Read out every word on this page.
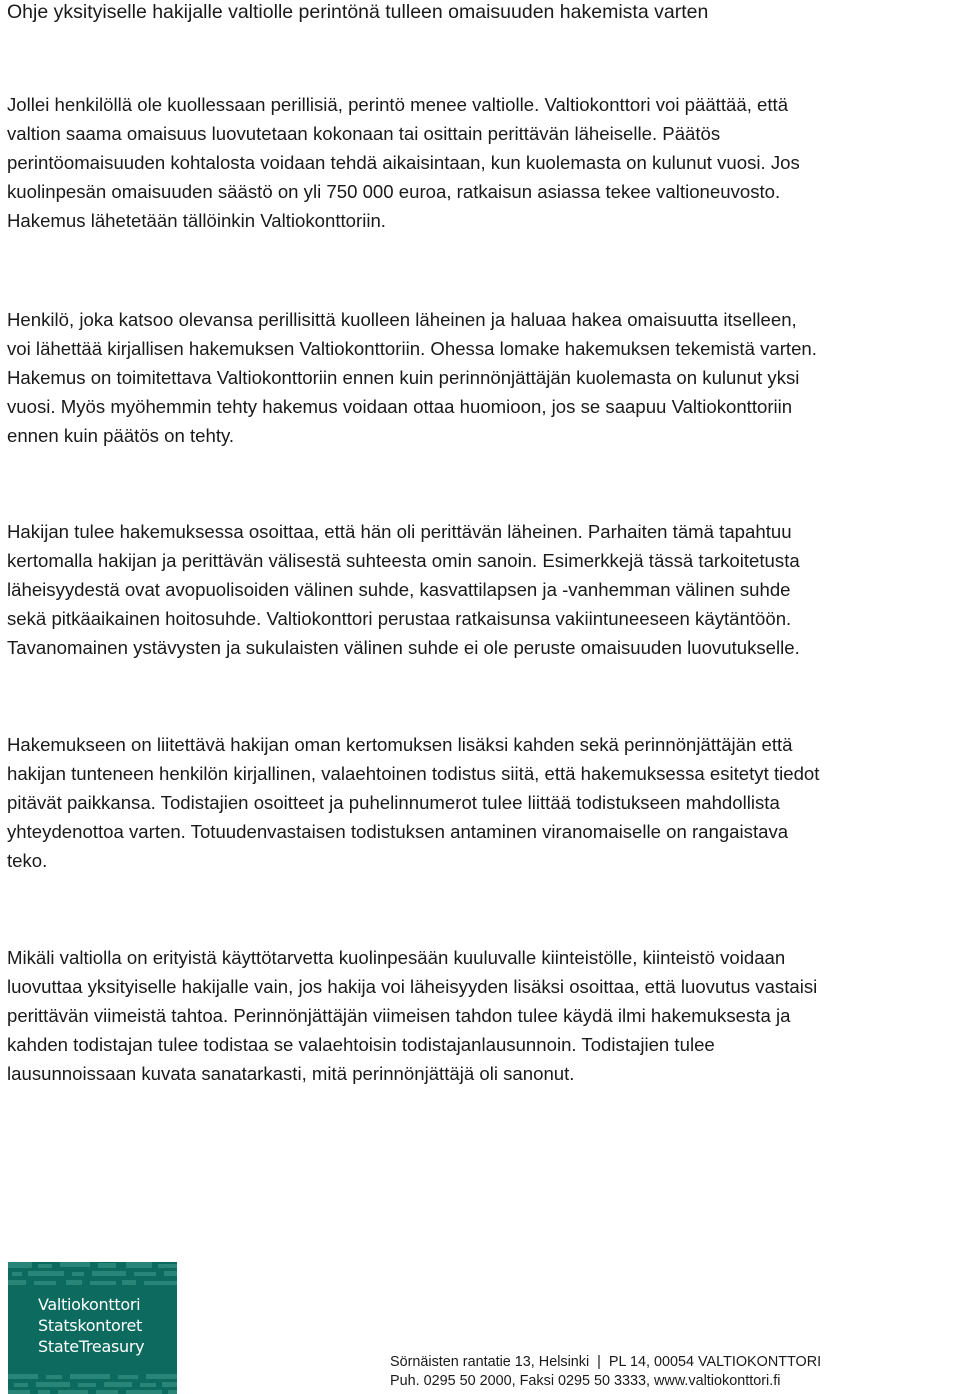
Ohje yksityiselle hakijalle valtiolle perintönä tulleen omaisuuden hakemista varten
Jollei henkilöllä ole kuollessaan perillisiä, perintö menee valtiolle. Valtiokonttori voi päättää, että
valtion saama omaisuus luovutetaan kokonaan tai osittain perittävän läheiselle. Päätös
perintöomaisuuden kohtalosta voidaan tehdä aikaisintaan, kun kuolemasta on kulunut vuosi. Jos
kuolinpesän omaisuuden säästö on yli 750 000 euroa, ratkaisun asiassa tekee valtioneuvosto.
Hakemus lähetetään tällöinkin Valtiokonttoriin.
Henkilö, joka katsoo olevansa perillisittä kuolleen läheinen ja haluaa hakea omaisuutta itselleen,
voi lähettää kirjallisen hakemuksen Valtiokonttoriin. Ohessa lomake hakemuksen tekemistä varten.
Hakemus on toimitettava Valtiokonttoriin ennen kuin perinnönjättäjän kuolemasta on kulunut yksi
vuosi. Myös myöhemmin tehty hakemus voidaan ottaa huomioon, jos se saapuu Valtiokonttoriin
ennen kuin päätös on tehty.
Hakijan tulee hakemuksessa osoittaa, että hän oli perittävän läheinen. Parhaiten tämä tapahtuu
kertomalla hakijan ja perittävän välisestä suhteesta omin sanoin. Esimerkkejä tässä tarkoitetusta
läheisyydestä ovat avopuolisoiden välinen suhde, kasvattilapsen ja -vanhemman välinen suhde
sekä pitkäaikainen hoitosuhde. Valtiokonttori perustaa ratkaisunsa vakiintuneeseen käytäntöön.
Tavanomainen ystävysten ja sukulaisten välinen suhde ei ole peruste omaisuuden luovutukselle.
Hakemukseen on liitettävä hakijan oman kertomuksen lisäksi kahden sekä perinnönjättäjän että
hakijan tunteneen henkilön kirjallinen, valaehtoinen todistus siitä, että hakemuksessa esitetyt tiedot
pitävät paikkansa. Todistajien osoitteet ja puhelinnumerot tulee liittää todistukseen mahdollista
yhteydenottoa varten. Totuudenvastaisen todistuksen antaminen viranomaiselle on rangaistava
teko.
Mikäli valtiolla on erityistä käyttötarvetta kuolinpesään kuuluvalle kiinteistölle, kiinteistö voidaan
luovuttaa yksityiselle hakijalle vain, jos hakija voi läheisyyden lisäksi osoittaa, että luovutus vastaisi
perittävän viimeistä tahtoa. Perinnönjättäjän viimeisen tahdon tulee käydä ilmi hakemuksesta ja
kahden todistajan tulee todistaa se valaehtoisin todistajanlausunnoin. Todistajien tulee
lausunnoissaan kuvata sanatarkasti, mitä perinnönjättäjä oli sanonut.

Valtiokonttori
Statskontoret
StateTreasury

Sörnäisten rantatie 13, Helsinki  |  PL 14, 00054 VALTIOKONTTORI
Puh. 0295 50 2000, Faksi 0295 50 3333, www.valtiokonttori.fi
